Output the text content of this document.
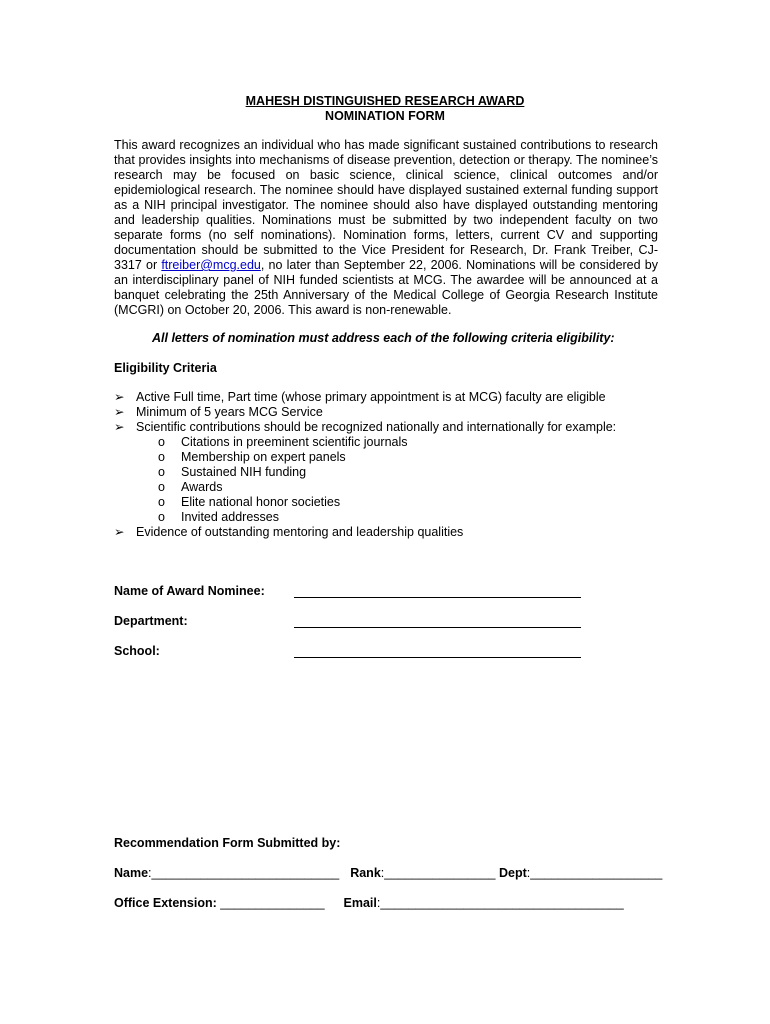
MAHESH DISTINGUISHED RESEARCH AWARD
NOMINATION FORM
This award recognizes an individual who has made significant sustained contributions to research that provides insights into mechanisms of disease prevention, detection or therapy. The nominee’s research may be focused on basic science, clinical science, clinical outcomes and/or epidemiological research. The nominee should have displayed sustained external funding support as a NIH principal investigator. The nominee should also have displayed outstanding mentoring and leadership qualities. Nominations must be submitted by two independent faculty on two separate forms (no self nominations). Nomination forms, letters, current CV and supporting documentation should be submitted to the Vice President for Research, Dr. Frank Treiber, CJ-3317 or ftreiber@mcg.edu, no later than September 22, 2006. Nominations will be considered by an interdisciplinary panel of NIH funded scientists at MCG. The awardee will be announced at a banquet celebrating the 25th Anniversary of the Medical College of Georgia Research Institute (MCGRI) on October 20, 2006. This award is non-renewable.
All letters of nomination must address each of the following criteria eligibility:
Eligibility Criteria
➢ Active Full time, Part time (whose primary appointment is at MCG) faculty are eligible
➢ Minimum of 5 years MCG Service
➢ Scientific contributions should be recognized nationally and internationally for example:
o Citations in preeminent scientific journals
o Membership on expert panels
o Sustained NIH funding
o Awards
o Elite national honor societies
o Invited addresses
➢ Evidence of outstanding mentoring and leadership qualities
Name of Award Nominee:
Department:
School:
Recommendation Form Submitted by:
Name:___________________________ Rank:________________ Dept:___________________
Office Extension: _______________ Email:___________________________________
